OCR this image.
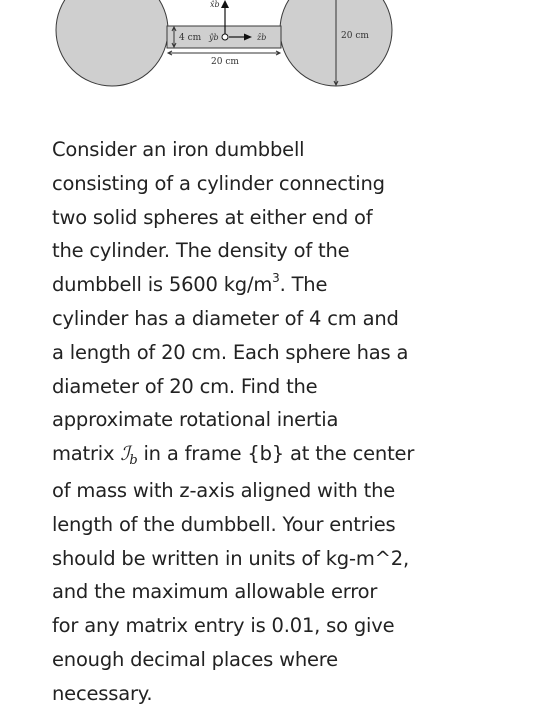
4 cm ŷb
x̂b
ẑb
20 cm
20 cm
Consider an iron dumbbell
consisting of a cylinder connecting
two solid spheres at either end of
the cylinder. The density of the
dumbbell is 5600 $kg/m^3$. The
cylinder has a diameter of 4 cm and
a length of 20 cm. Each sphere has a
diameter of 20 cm. Find the
approximate rotational inertia
matrix ℐ$_b$ in a frame {b} at the center
of mass with z-axis aligned with the
length of the dumbbell. Your entries
should be written in units of kg-m^2,
and the maximum allowable error
for any matrix entry is 0.01, so give
enough decimal places where
necessary.
